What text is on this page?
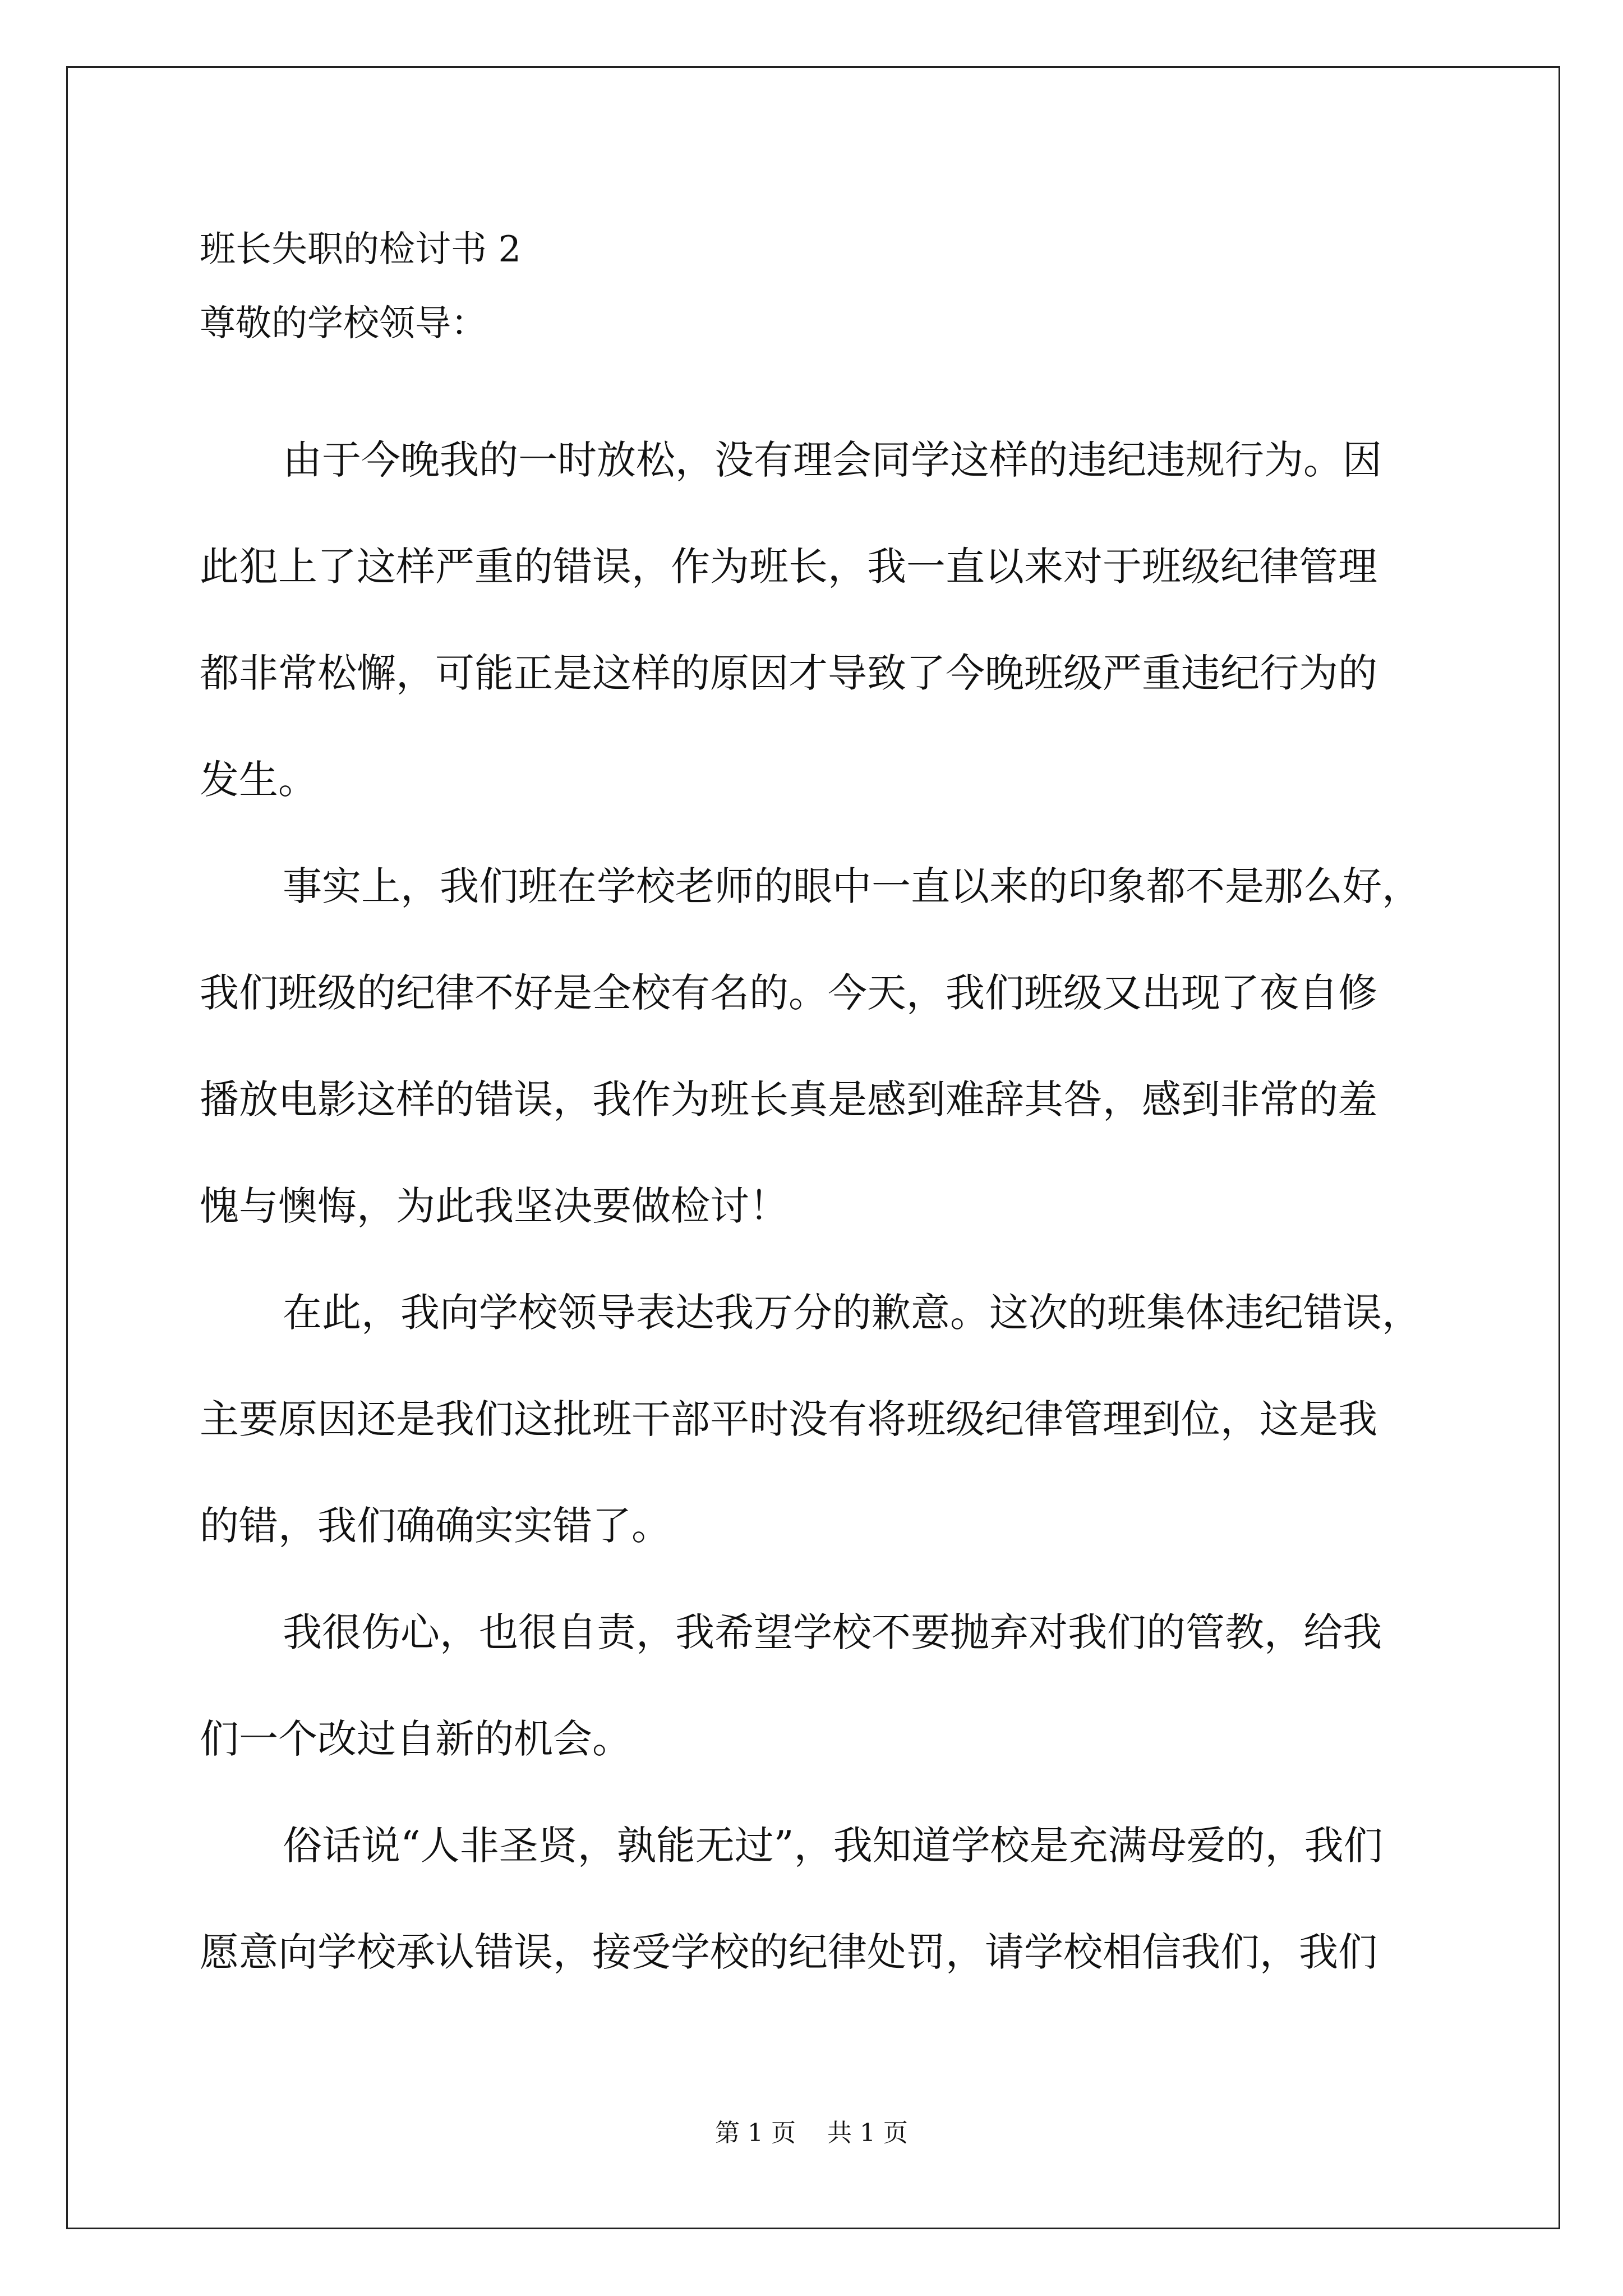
班长失职的检讨书 2
尊敬的学校领导：
由于今晚我的一时放松，没有理会同学这样的违纪违规行为。因
此犯上了这样严重的错误，作为班长，我一直以来对于班级纪律管理
都非常松懈，可能正是这样的原因才导致了今晚班级严重违纪行为的
发生。
事实上，我们班在学校老师的眼中一直以来的印象都不是那么好，
我们班级的纪律不好是全校有名的。今天，我们班级又出现了夜自修
播放电影这样的错误，我作为班长真是感到难辞其咎，感到非常的羞
愧与懊悔，为此我坚决要做检讨！
在此，我向学校领导表达我万分的歉意。这次的班集体违纪错误，
主要原因还是我们这批班干部平时没有将班级纪律管理到位，这是我
的错，我们确确实实错了。
我很伤心，也很自责，我希望学校不要抛弃对我们的管教，给我
们一个改过自新的机会。
俗话说“人非圣贤，孰能无过”，我知道学校是充满母爱的，我们
愿意向学校承认错误，接受学校的纪律处罚，请学校相信我们，我们
第 1 页    共 1 页
